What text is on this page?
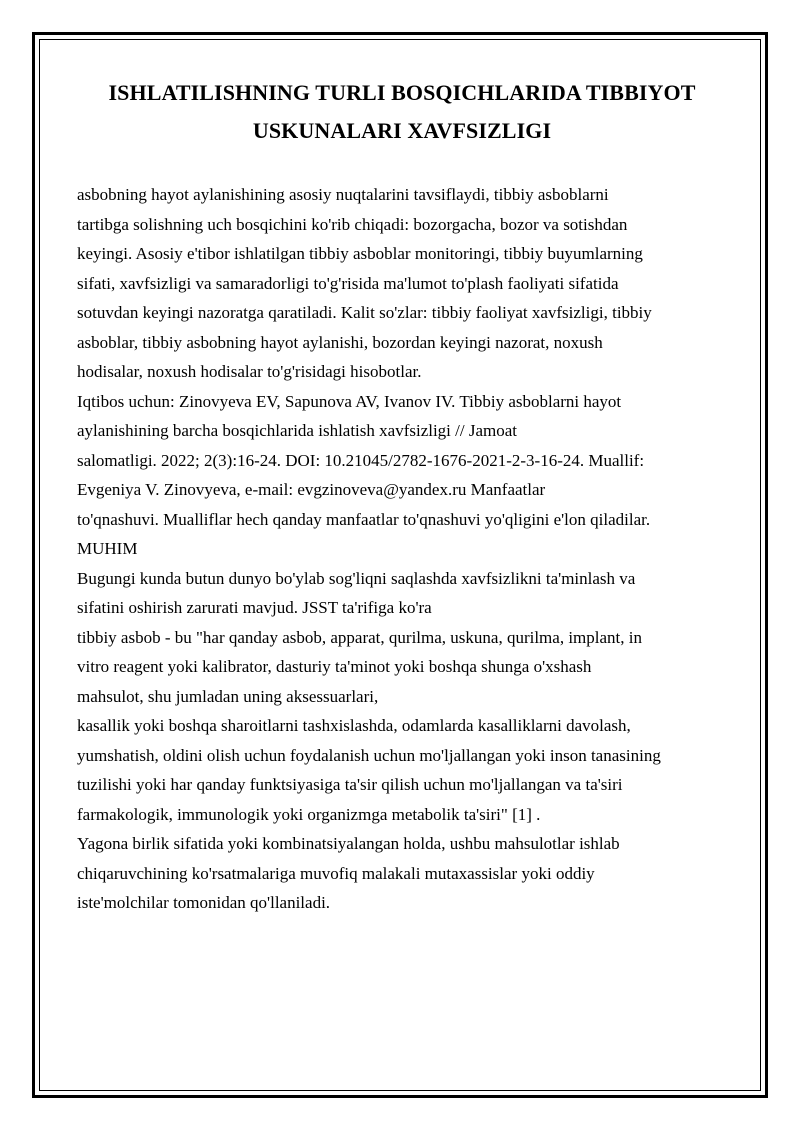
ISHLATILISHNING TURLI BOSQICHLARIDA TIBBIYOT
USKUNALARI XAVFSIZLIGI
asbobning hayot aylanishining asosiy nuqtalarini tavsiflaydi, tibbiy asboblarni
tartibga solishning uch bosqichini ko'rib chiqadi: bozorgacha, bozor va sotishdan
keyingi. Asosiy e'tibor ishlatilgan tibbiy asboblar monitoringi, tibbiy buyumlarning
sifati, xavfsizligi va samaradorligi to'g'risida ma'lumot to'plash faoliyati sifatida
sotuvdan keyingi nazoratga qaratiladi. Kalit so'zlar: tibbiy faoliyat xavfsizligi, tibbiy
asboblar, tibbiy asbobning hayot aylanishi, bozordan keyingi nazorat, noxush
hodisalar, noxush hodisalar to'g'risidagi hisobotlar.
Iqtibos uchun: Zinovyeva EV, Sapunova AV, Ivanov IV. Tibbiy asboblarni hayot
aylanishining barcha bosqichlarida ishlatish xavfsizligi // Jamoat
salomatligi. 2022; 2(3):16-24. DOI: 10.21045/2782-1676-2021-2-3-16-24. Muallif:
Evgeniya V. Zinovyeva, e-mail: evgzinoveva@yandex.ru Manfaatlar
to'qnashuvi. Mualliflar hech qanday manfaatlar to'qnashuvi yo'qligini e'lon qiladilar.
MUHIM
Bugungi kunda butun dunyo bo'ylab sog'liqni saqlashda xavfsizlikni ta'minlash va
sifatini oshirish zarurati mavjud. JSST ta'rifiga ko'ra
tibbiy asbob - bu "har qanday asbob, apparat, qurilma, uskuna, qurilma, implant, in
vitro reagent yoki kalibrator, dasturiy ta'minot yoki boshqa shunga o'xshash
mahsulot, shu jumladan uning aksessuarlari,
kasallik yoki boshqa sharoitlarni tashxislashda, odamlarda kasalliklarni davolash,
yumshatish, oldini olish uchun foydalanish uchun mo'ljallangan yoki inson tanasining
tuzilishi yoki har qanday funktsiyasiga ta'sir qilish uchun mo'ljallangan va ta'siri
farmakologik, immunologik yoki organizmga metabolik ta'siri" [1] .
Yagona birlik sifatida yoki kombinatsiyalangan holda, ushbu mahsulotlar ishlab
chiqaruvchining ko'rsatmalariga muvofiq malakali mutaxassislar yoki oddiy
iste'molchilar tomonidan qo'llaniladi.
